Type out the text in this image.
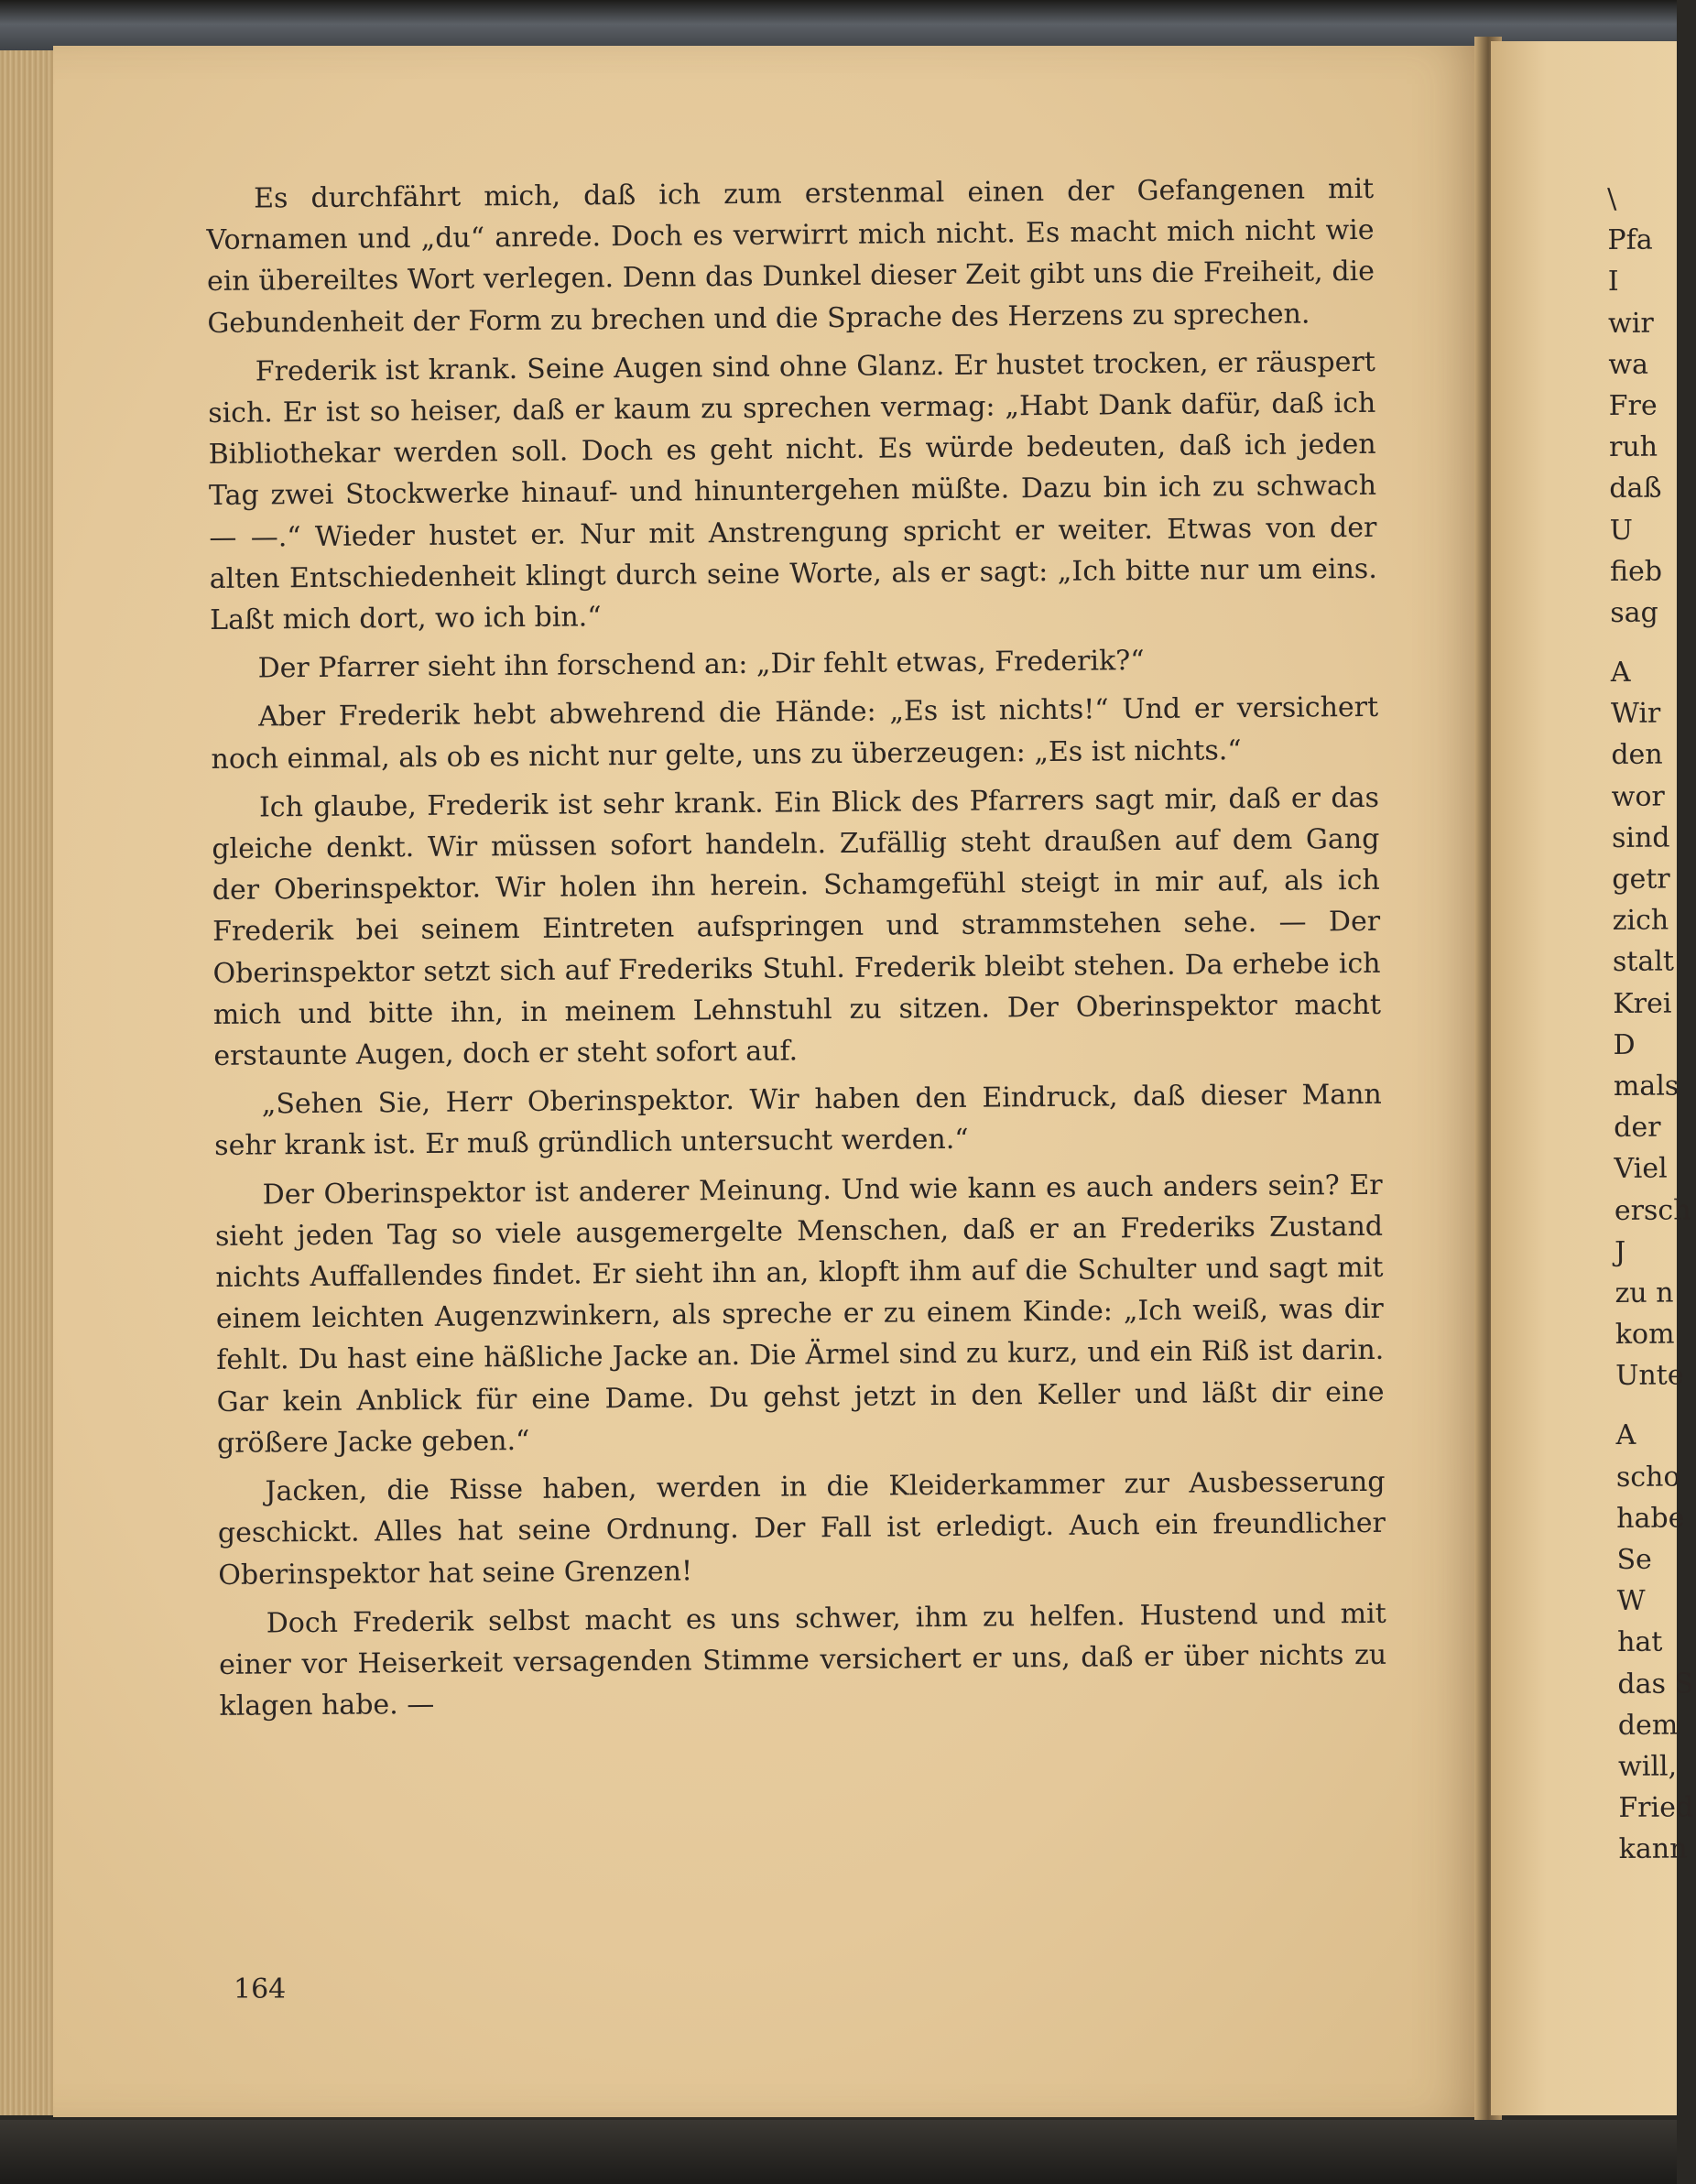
Es durchfährt mich, daß ich zum erstenmal einen der Gefangenen mit Vornamen und „du“ anrede. Doch es verwirrt mich nicht. Es macht mich nicht wie ein übereiltes Wort verlegen. Denn das Dunkel dieser Zeit gibt uns die Freiheit, die Gebundenheit der Form zu brechen und die Sprache des Herzens zu sprechen.

Frederik ist krank. Seine Augen sind ohne Glanz. Er hustet trocken, er räuspert sich. Er ist so heiser, daß er kaum zu sprechen vermag: „Habt Dank dafür, daß ich Bibliothekar werden soll. Doch es geht nicht. Es würde bedeuten, daß ich jeden Tag zwei Stockwerke hinauf- und hinuntergehen müßte. Dazu bin ich zu schwach — —.“ Wieder hustet er. Nur mit Anstrengung spricht er weiter. Etwas von der alten Entschiedenheit klingt durch seine Worte, als er sagt: „Ich bitte nur um eins. Laßt mich dort, wo ich bin.“

Der Pfarrer sieht ihn forschend an: „Dir fehlt etwas, Frederik?“

Aber Frederik hebt abwehrend die Hände: „Es ist nichts!“ Und er versichert noch einmal, als ob es nicht nur gelte, uns zu überzeugen: „Es ist nichts.“

Ich glaube, Frederik ist sehr krank. Ein Blick des Pfarrers sagt mir, daß er das gleiche denkt. Wir müssen sofort handeln. Zufällig steht draußen auf dem Gang der Oberinspektor. Wir holen ihn herein. Schamgefühl steigt in mir auf, als ich Frederik bei seinem Eintreten aufspringen und strammstehen sehe. — Der Oberinspektor setzt sich auf Frederiks Stuhl. Frederik bleibt stehen. Da erhebe ich mich und bitte ihn, in meinem Lehnstuhl zu sitzen. Der Oberinspektor macht erstaunte Augen, doch er steht sofort auf.

„Sehen Sie, Herr Oberinspektor. Wir haben den Eindruck, daß dieser Mann sehr krank ist. Er muß gründlich untersucht werden.“

Der Oberinspektor ist anderer Meinung. Und wie kann es auch anders sein? Er sieht jeden Tag so viele ausgemergelte Menschen, daß er an Frederiks Zustand nichts Auffallendes findet. Er sieht ihn an, klopft ihm auf die Schulter und sagt mit einem leichten Augenzwinkern, als spreche er zu einem Kinde: „Ich weiß, was dir fehlt. Du hast eine häßliche Jacke an. Die Ärmel sind zu kurz, und ein Riß ist darin. Gar kein Anblick für eine Dame. Du gehst jetzt in den Keller und läßt dir eine größere Jacke geben.“

Jacken, die Risse haben, werden in die Kleiderkammer zur Ausbesserung geschickt. Alles hat seine Ordnung. Der Fall ist erledigt. Auch ein freundlicher Oberinspektor hat seine Grenzen!

Doch Frederik selbst macht es uns schwer, ihm zu helfen. Hustend und mit einer vor Heiserkeit versagenden Stimme versichert er uns, daß er über nichts zu klagen habe. —

164
\
Pfa
I
wir
wa
Fre
ruh
daß
U
fieb
sag
A
Wir
den
wor
sind
getr
zich
stalt
Krei
D
mals
der
Viel
ersch
J
zu n
kom
Unte
A
scho
habe
Se
W
hat
das S
dem
will,
Fried
kann
